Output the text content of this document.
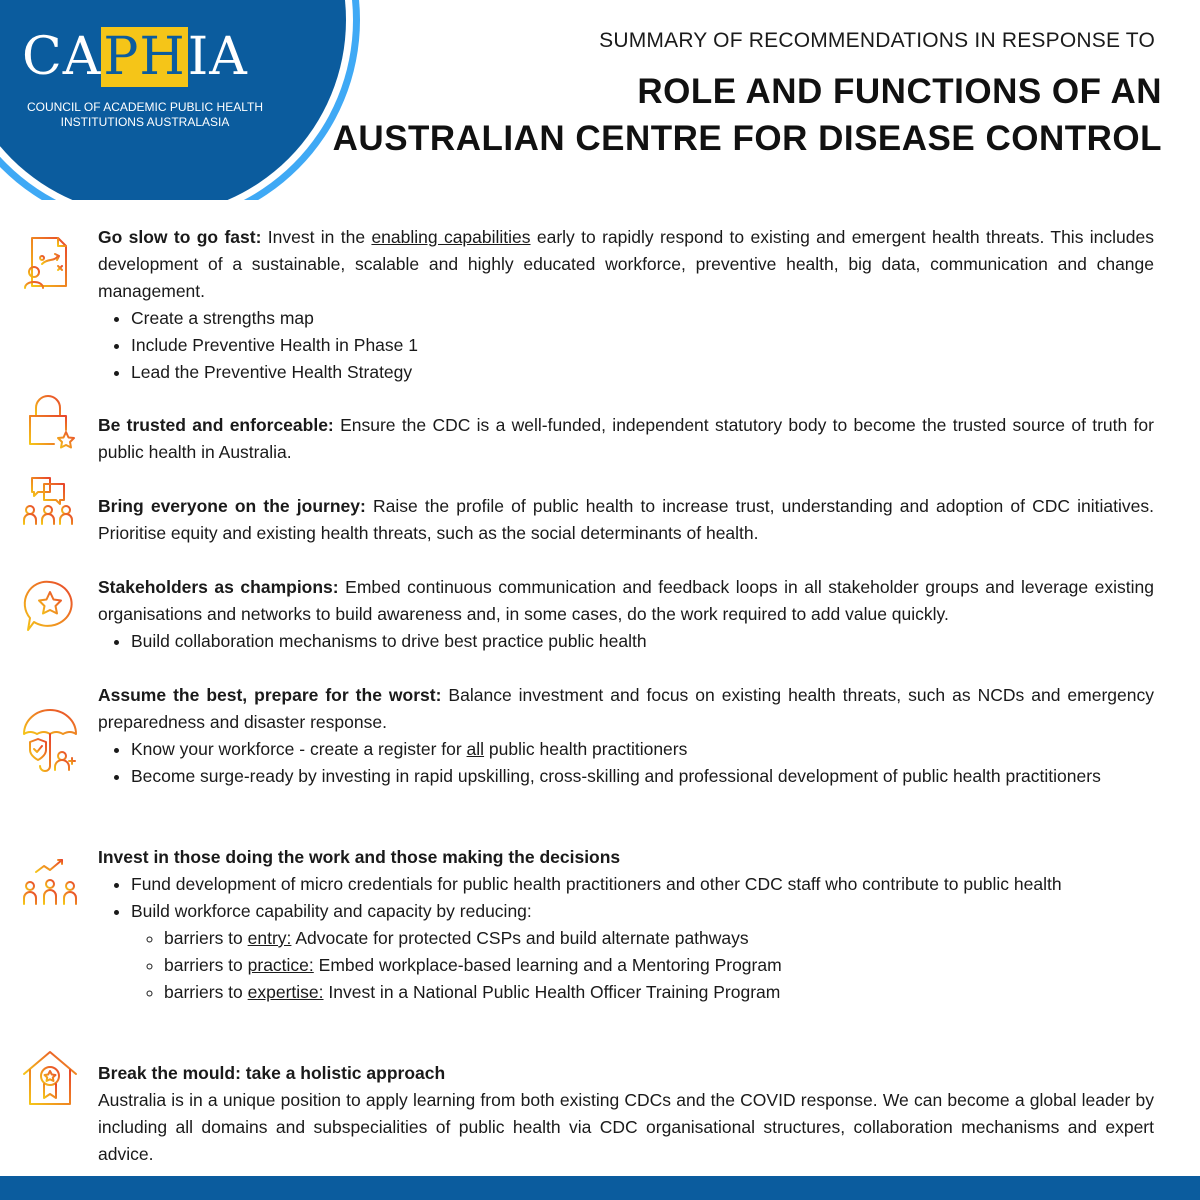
CAPHIA
COUNCIL OF ACADEMIC PUBLIC HEALTH INSTITUTIONS AUSTRALASIA
SUMMARY OF RECOMMENDATIONS IN RESPONSE TO
ROLE AND FUNCTIONS OF AN
AUSTRALIAN CENTRE FOR DISEASE CONTROL
Go slow to go fast: Invest in the enabling capabilities early to rapidly respond to existing and emergent health threats. This includes development of a sustainable, scalable and highly educated workforce, preventive health, big data, communication and change management.
• Create a strengths map
• Include Preventive Health in Phase 1
• Lead the Preventive Health Strategy
Be trusted and enforceable: Ensure the CDC is a well-funded, independent statutory body to become the trusted source of truth for public health in Australia.
Bring everyone on the journey: Raise the profile of public health to increase trust, understanding and adoption of CDC initiatives. Prioritise equity and existing health threats, such as the social determinants of health.
Stakeholders as champions: Embed continuous communication and feedback loops in all stakeholder groups and leverage existing organisations and networks to build awareness and, in some cases, do the work required to add value quickly.
• Build collaboration mechanisms to drive best practice public health
Assume the best, prepare for the worst: Balance investment and focus on existing health threats, such as NCDs and emergency preparedness and disaster response.
• Know your workforce - create a register for all public health practitioners
• Become surge-ready by investing in rapid upskilling, cross-skilling and professional development of public health practitioners
Invest in those doing the work and those making the decisions
• Fund development of micro credentials for public health practitioners and other CDC staff who contribute to public health
• Build workforce capability and capacity by reducing:
◦ barriers to entry: Advocate for protected CSPs and build alternate pathways
◦ barriers to practice: Embed workplace-based learning and a Mentoring Program
◦ barriers to expertise: Invest in a National Public Health Officer Training Program
Break the mould: take a holistic approach
Australia is in a unique position to apply learning from both existing CDCs and the COVID response. We can become a global leader by including all domains and subspecialities of public health via CDC organisational structures, collaboration mechanisms and expert advice.
